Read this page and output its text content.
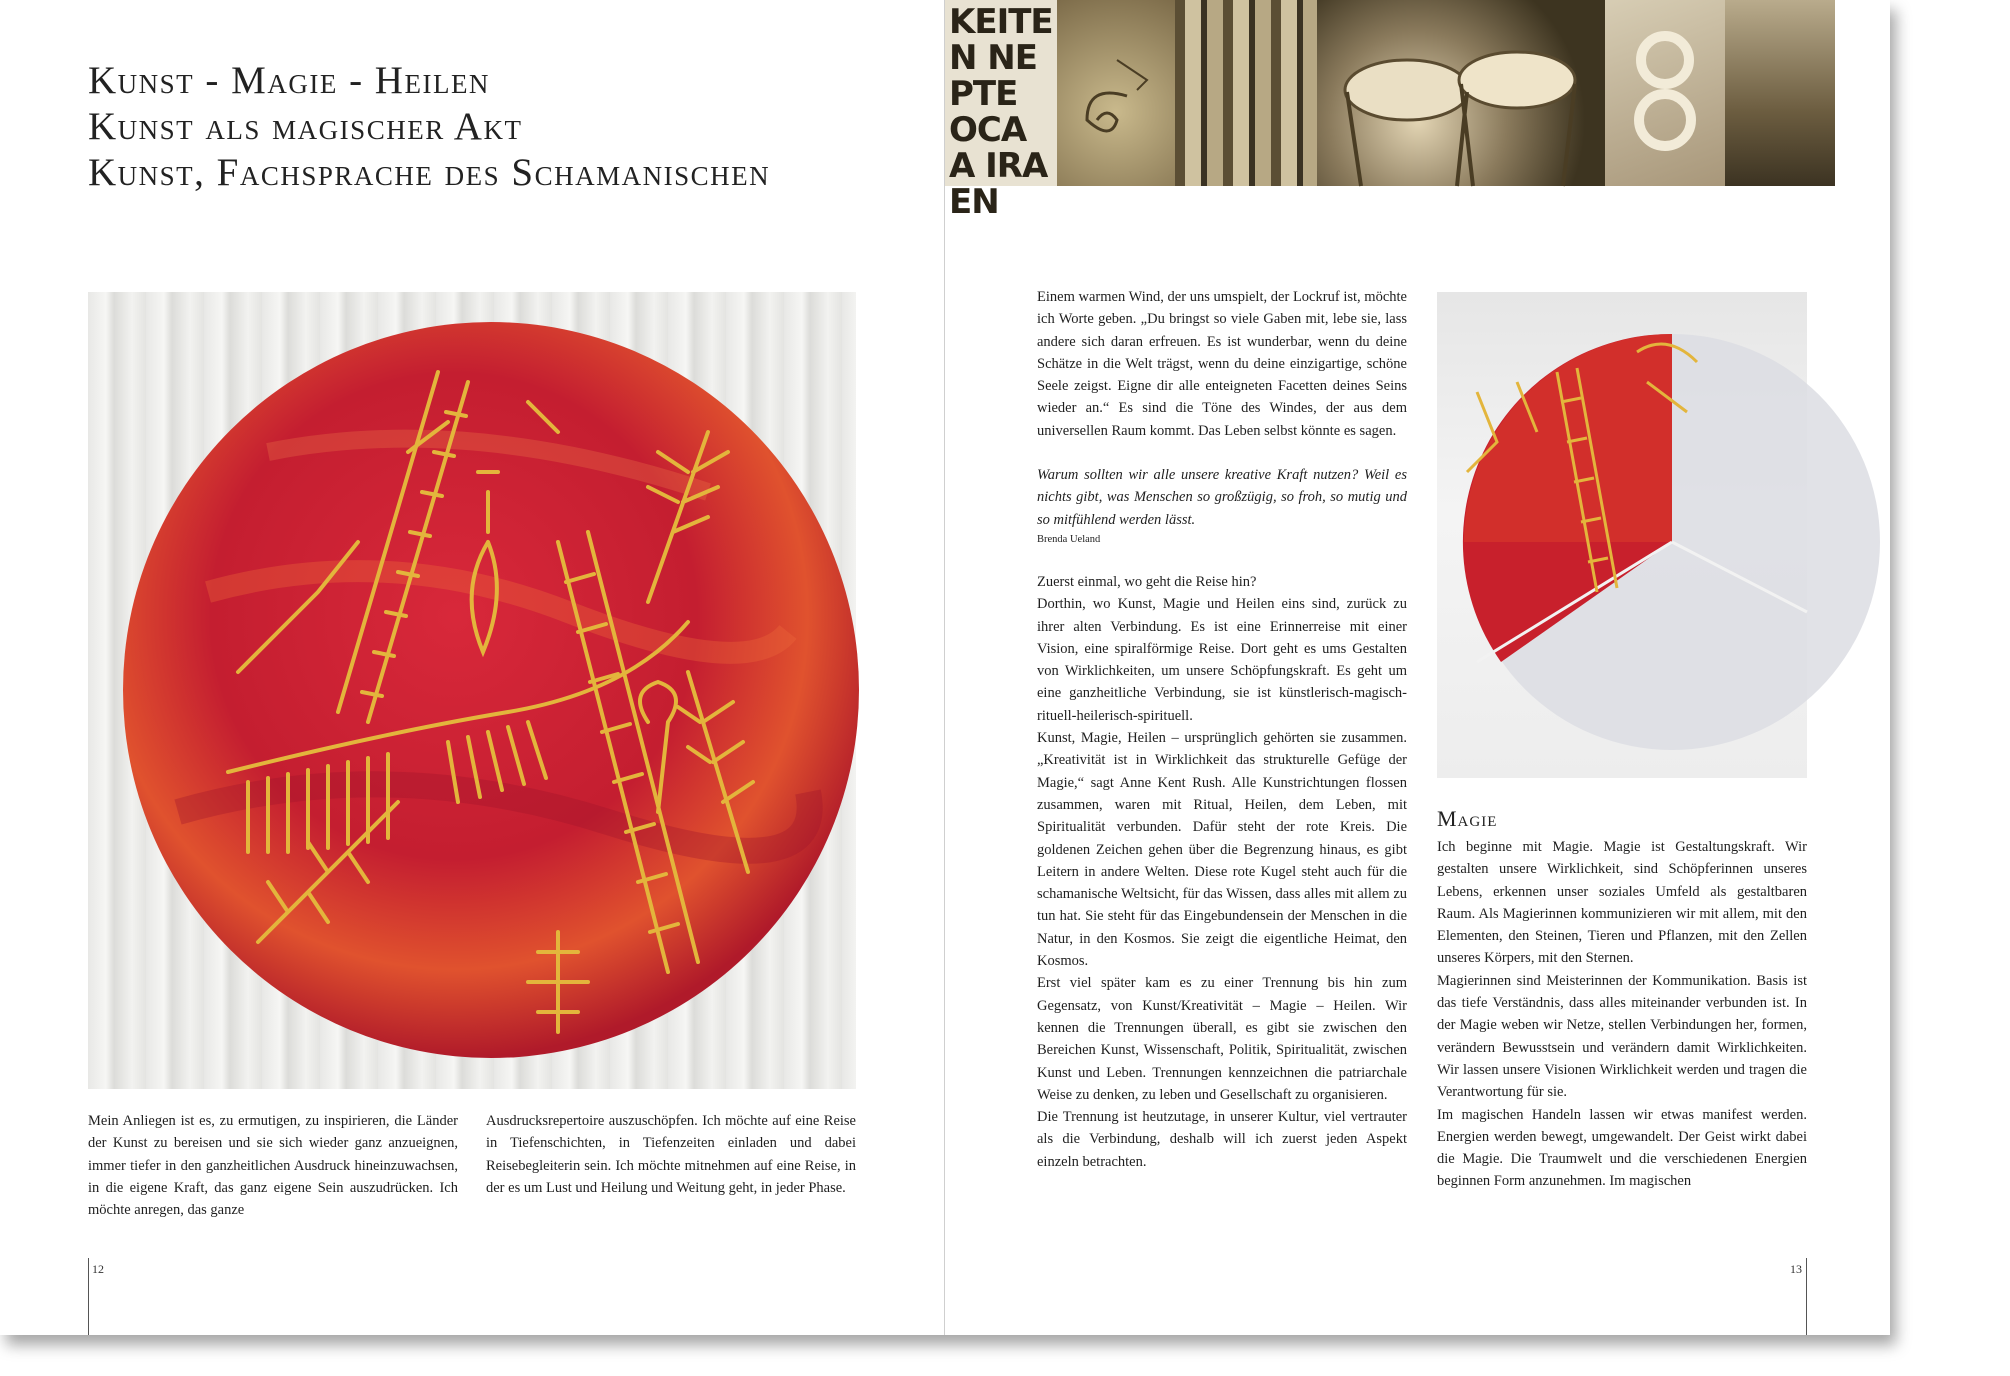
Kunst - Magie - Heilen
Kunst als magischer Akt
Kunst, Fachsprache des Schamanischen
Mein Anliegen ist es, zu ermutigen, zu inspirieren, die Länder der Kunst zu bereisen und sie sich wieder ganz anzueignen, immer tiefer in den ganzheitlichen Ausdruck hineinzuwachsen, in die eigene Kraft, das ganz eigene Sein auszudrücken. Ich möchte anregen, das ganze
Ausdrucksrepertoire auszuschöpfen. Ich möchte auf eine Reise in Tiefenschichten, in Tiefenzeiten einladen und dabei Reisebegleiterin sein. Ich möchte mitnehmen auf eine Reise, in der es um Lust und Heilung und Weitung geht, in jeder Phase.
12
KEITEN NEPTE OCA A IRA EN
Einem warmen Wind, der uns umspielt, der Lockruf ist, möchte ich Worte geben. „Du bringst so viele Gaben mit, lebe sie, lass andere sich daran erfreuen. Es ist wunderbar, wenn du deine Schätze in die Welt trägst, wenn du deine einzigartige, schöne Seele zeigst. Eigne dir alle enteigneten Facetten deines Seins wieder an.“ Es sind die Töne des Windes, der aus dem universellen Raum kommt. Das Leben selbst könnte es sagen.
Warum sollten wir alle unsere kreative Kraft nutzen? Weil es nichts gibt, was Menschen so großzügig, so froh, so mutig und so mitfühlend werden lässt.
Brenda Ueland
Zuerst einmal, wo geht die Reise hin?
Dorthin, wo Kunst, Magie und Heilen eins sind, zurück zu ihrer alten Verbindung. Es ist eine Erinnerreise mit einer Vision, eine spiralförmige Reise. Dort geht es ums Gestalten von Wirklichkeiten, um unsere Schöpfungskraft. Es geht um eine ganzheitliche Verbindung, sie ist künstlerisch-magisch-rituell-heilerisch-spirituell.
Kunst, Magie, Heilen – ursprünglich gehörten sie zusammen. „Kreativität ist in Wirklichkeit das strukturelle Gefüge der Magie,“ sagt Anne Kent Rush. Alle Kunstrichtungen flossen zusammen, waren mit Ritual, Heilen, dem Leben, mit Spiritualität verbunden. Dafür steht der rote Kreis. Die goldenen Zeichen gehen über die Begrenzung hinaus, es gibt Leitern in andere Welten. Diese rote Kugel steht auch für die schamanische Weltsicht, für das Wissen, dass alles mit allem zu tun hat. Sie steht für das Eingebundensein der Menschen in die Natur, in den Kosmos. Sie zeigt die eigentliche Heimat, den Kosmos.
Erst viel später kam es zu einer Trennung bis hin zum Gegensatz, von Kunst/Kreativität – Magie – Heilen. Wir kennen die Trennungen überall, es gibt sie zwischen den Bereichen Kunst, Wissenschaft, Politik, Spiritualität, zwischen Kunst und Leben. Trennungen kennzeichnen die patriarchale Weise zu denken, zu leben und Gesellschaft zu organisieren.
Die Trennung ist heutzutage, in unserer Kultur, viel vertrauter als die Verbindung, deshalb will ich zuerst jeden Aspekt einzeln betrachten.
Magie
Ich beginne mit Magie. Magie ist Gestaltungskraft. Wir gestalten unsere Wirklichkeit, sind Schöpferinnen unseres Lebens, erkennen unser soziales Umfeld als gestaltbaren Raum. Als Magierinnen kommunizieren wir mit allem, mit den Elementen, den Steinen, Tieren und Pflanzen, mit den Zellen unseres Körpers, mit den Sternen.
Magierinnen sind Meisterinnen der Kommunikation. Basis ist das tiefe Verständnis, dass alles miteinander verbunden ist. In der Magie weben wir Netze, stellen Verbindungen her, formen, verändern Bewusstsein und verändern damit Wirklichkeiten. Wir lassen unsere Visionen Wirklichkeit werden und tragen die Verantwortung für sie.
Im magischen Handeln lassen wir etwas manifest werden. Energien werden bewegt, umgewandelt. Der Geist wirkt dabei die Magie. Die Traumwelt und die verschiedenen Energien beginnen Form anzunehmen. Im magischen
13
